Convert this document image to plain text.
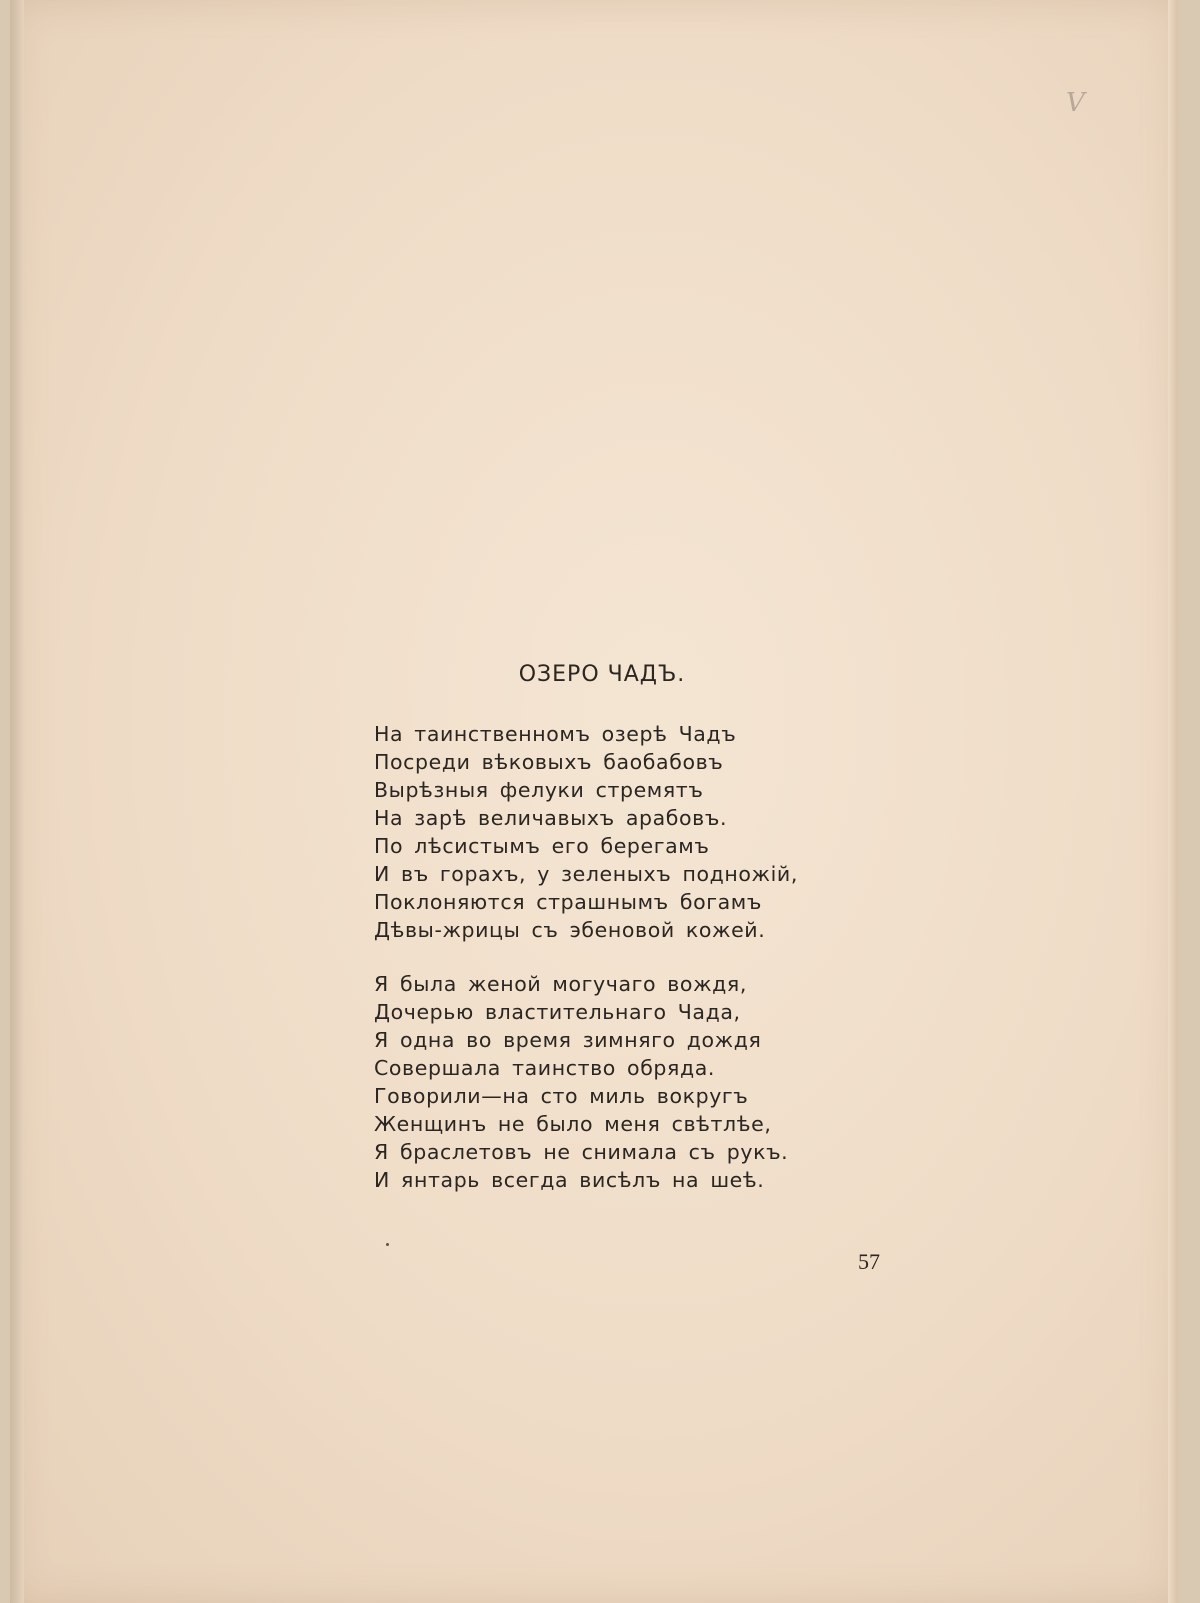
V
ОЗЕРО ЧАДЪ.
На таинственномъ озерѣ Чадъ
Посреди вѣковыхъ баобабовъ
Вырѣзныя фелуки стремятъ
На зарѣ величавыхъ арабовъ.
По лѣсистымъ его берегамъ
И въ горахъ, у зеленыхъ подножій,
Поклоняются страшнымъ богамъ
Дѣвы-жрицы съ эбеновой кожей.
Я была женой могучаго вождя,
Дочерью властительнаго Чада,
Я одна во время зимняго дождя
Совершала таинство обряда.
Говорили—на сто миль вокругъ
Женщинъ не было меня свѣтлѣе,
Я браслетовъ не снимала съ рукъ.
И янтарь всегда висѣлъ на шеѣ.
57
